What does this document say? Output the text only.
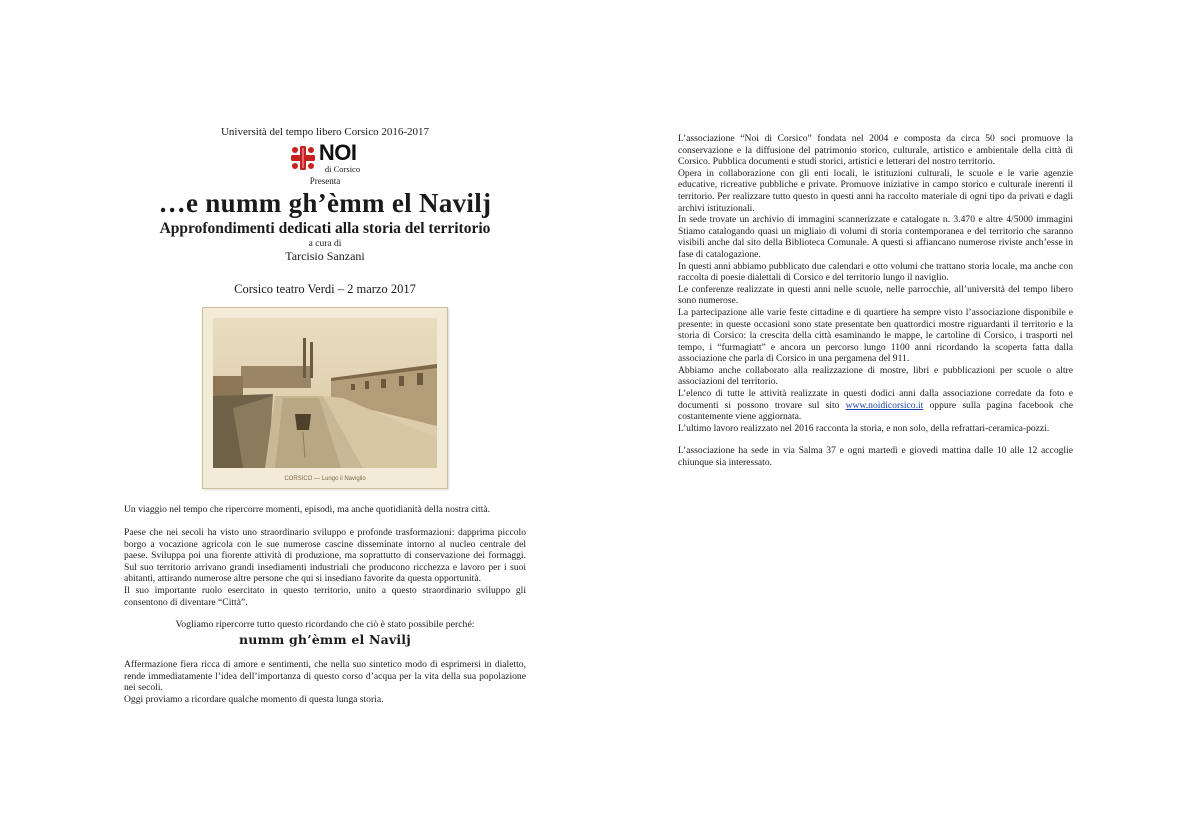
Università del tempo libero Corsico 2016-2017

NOI
di Corsico

Presenta

…e numm gh’èmm el Navilj

Approfondimenti dedicati alla storia del territorio

a cura di

Tarcisio Sanzani

Corsico teatro Verdi – 2 marzo 2017

CORSICO — Lungo il Naviglio

Un viaggio nel tempo che ripercorre momenti, episodi, ma anche quotidianità della nostra città.

Paese che nei secoli ha visto uno straordinario sviluppo e profonde trasformazioni: dapprima piccolo borgo a vocazione agricola con le sue numerose cascine disseminate intorno al nucleo centrale del paese. Sviluppa poi una fiorente attività di produzione, ma soprattutto di conservazione dei formaggi. Sul suo territorio arrivano grandi insediamenti industriali che producono ricchezza e lavoro per i suoi abitanti, attirando numerose altre persone che qui si insediano favorite da questa opportunità.

Il suo importante ruolo esercitato in questo territorio, unito a questo straordinario sviluppo gli consentono di diventare “Città”.

Vogliamo ripercorre tutto questo ricordando che ciò è stato possibile perché:

numm gh’èmm el Navilj

Affermazione fiera ricca di amore e sentimenti, che nella suo sintetico modo di esprimersi in dialetto, rende immediatamente l’idea dell’importanza di questo corso d’acqua per la vita della sua popolazione nei secoli.

Oggi proviamo a ricordare qualche momento di questa lunga storia.

L’associazione “Noi di Corsico” fondata nel 2004 e composta da circa 50 soci promuove la conservazione e la diffusione del patrimonio storico, culturale, artistico e ambientale della città di Corsico. Pubblica documenti e studi storici, artistici e letterari del nostro territorio.

Opera in collaborazione con gli enti locali, le istituzioni culturali, le scuole e le varie agenzie educative, ricreative pubbliche e private. Promuove iniziative in campo storico e culturale inerenti il territorio. Per realizzare tutto questo in questi anni ha raccolto materiale di ogni tipo da privati e dagli archivi istituzionali.

In sede trovate un archivio di immagini scannerizzate e catalogate n. 3.470 e altre 4/5000 immagini Stiamo catalogando quasi un migliaio di volumi di storia contemporanea e del territorio che saranno visibili anche dal sito della Biblioteca Comunale. A questi si affiancano numerose riviste anch’esse in fase di catalogazione.

In questi anni abbiamo pubblicato due calendari e otto volumi che trattano storia locale, ma anche con raccolta di poesie dialettali di Corsico e del territorio lungo il naviglio.

Le conferenze realizzate in questi anni nelle scuole, nelle parrocchie, all’università del tempo libero sono numerose.

La partecipazione alle varie feste cittadine e di quartiere ha sempre visto l’associazione disponibile e presente: in queste occasioni sono state presentate ben quattordici mostre riguardanti il territorio e la storia di Corsico: la crescita della città esaminando le mappe, le cartoline di Corsico, i trasporti nel tempo, i “furmagiatt” e ancora un percorso lungo 1100 anni ricordando la scoperta fatta dalla associazione che parla di Corsico in una pergamena del 911.

Abbiamo anche collaborato alla realizzazione di mostre, libri e pubblicazioni per scuole o altre associazioni del territorio.

L’elenco di tutte le attività realizzate in questi dodici anni dalla associazione corredate da foto e documenti si possono trovare sul sito www.noidicorsico.it oppure sulla pagina facebook che costantemente viene aggiornata.

L’ultimo lavoro realizzato nel 2016 racconta la storia, e non solo, della refrattari-ceramica-pozzi.

L’associazione ha sede in via Salma 37 e ogni martedì e giovedì mattina dalle 10 alle 12 accoglie chiunque sia interessato.
